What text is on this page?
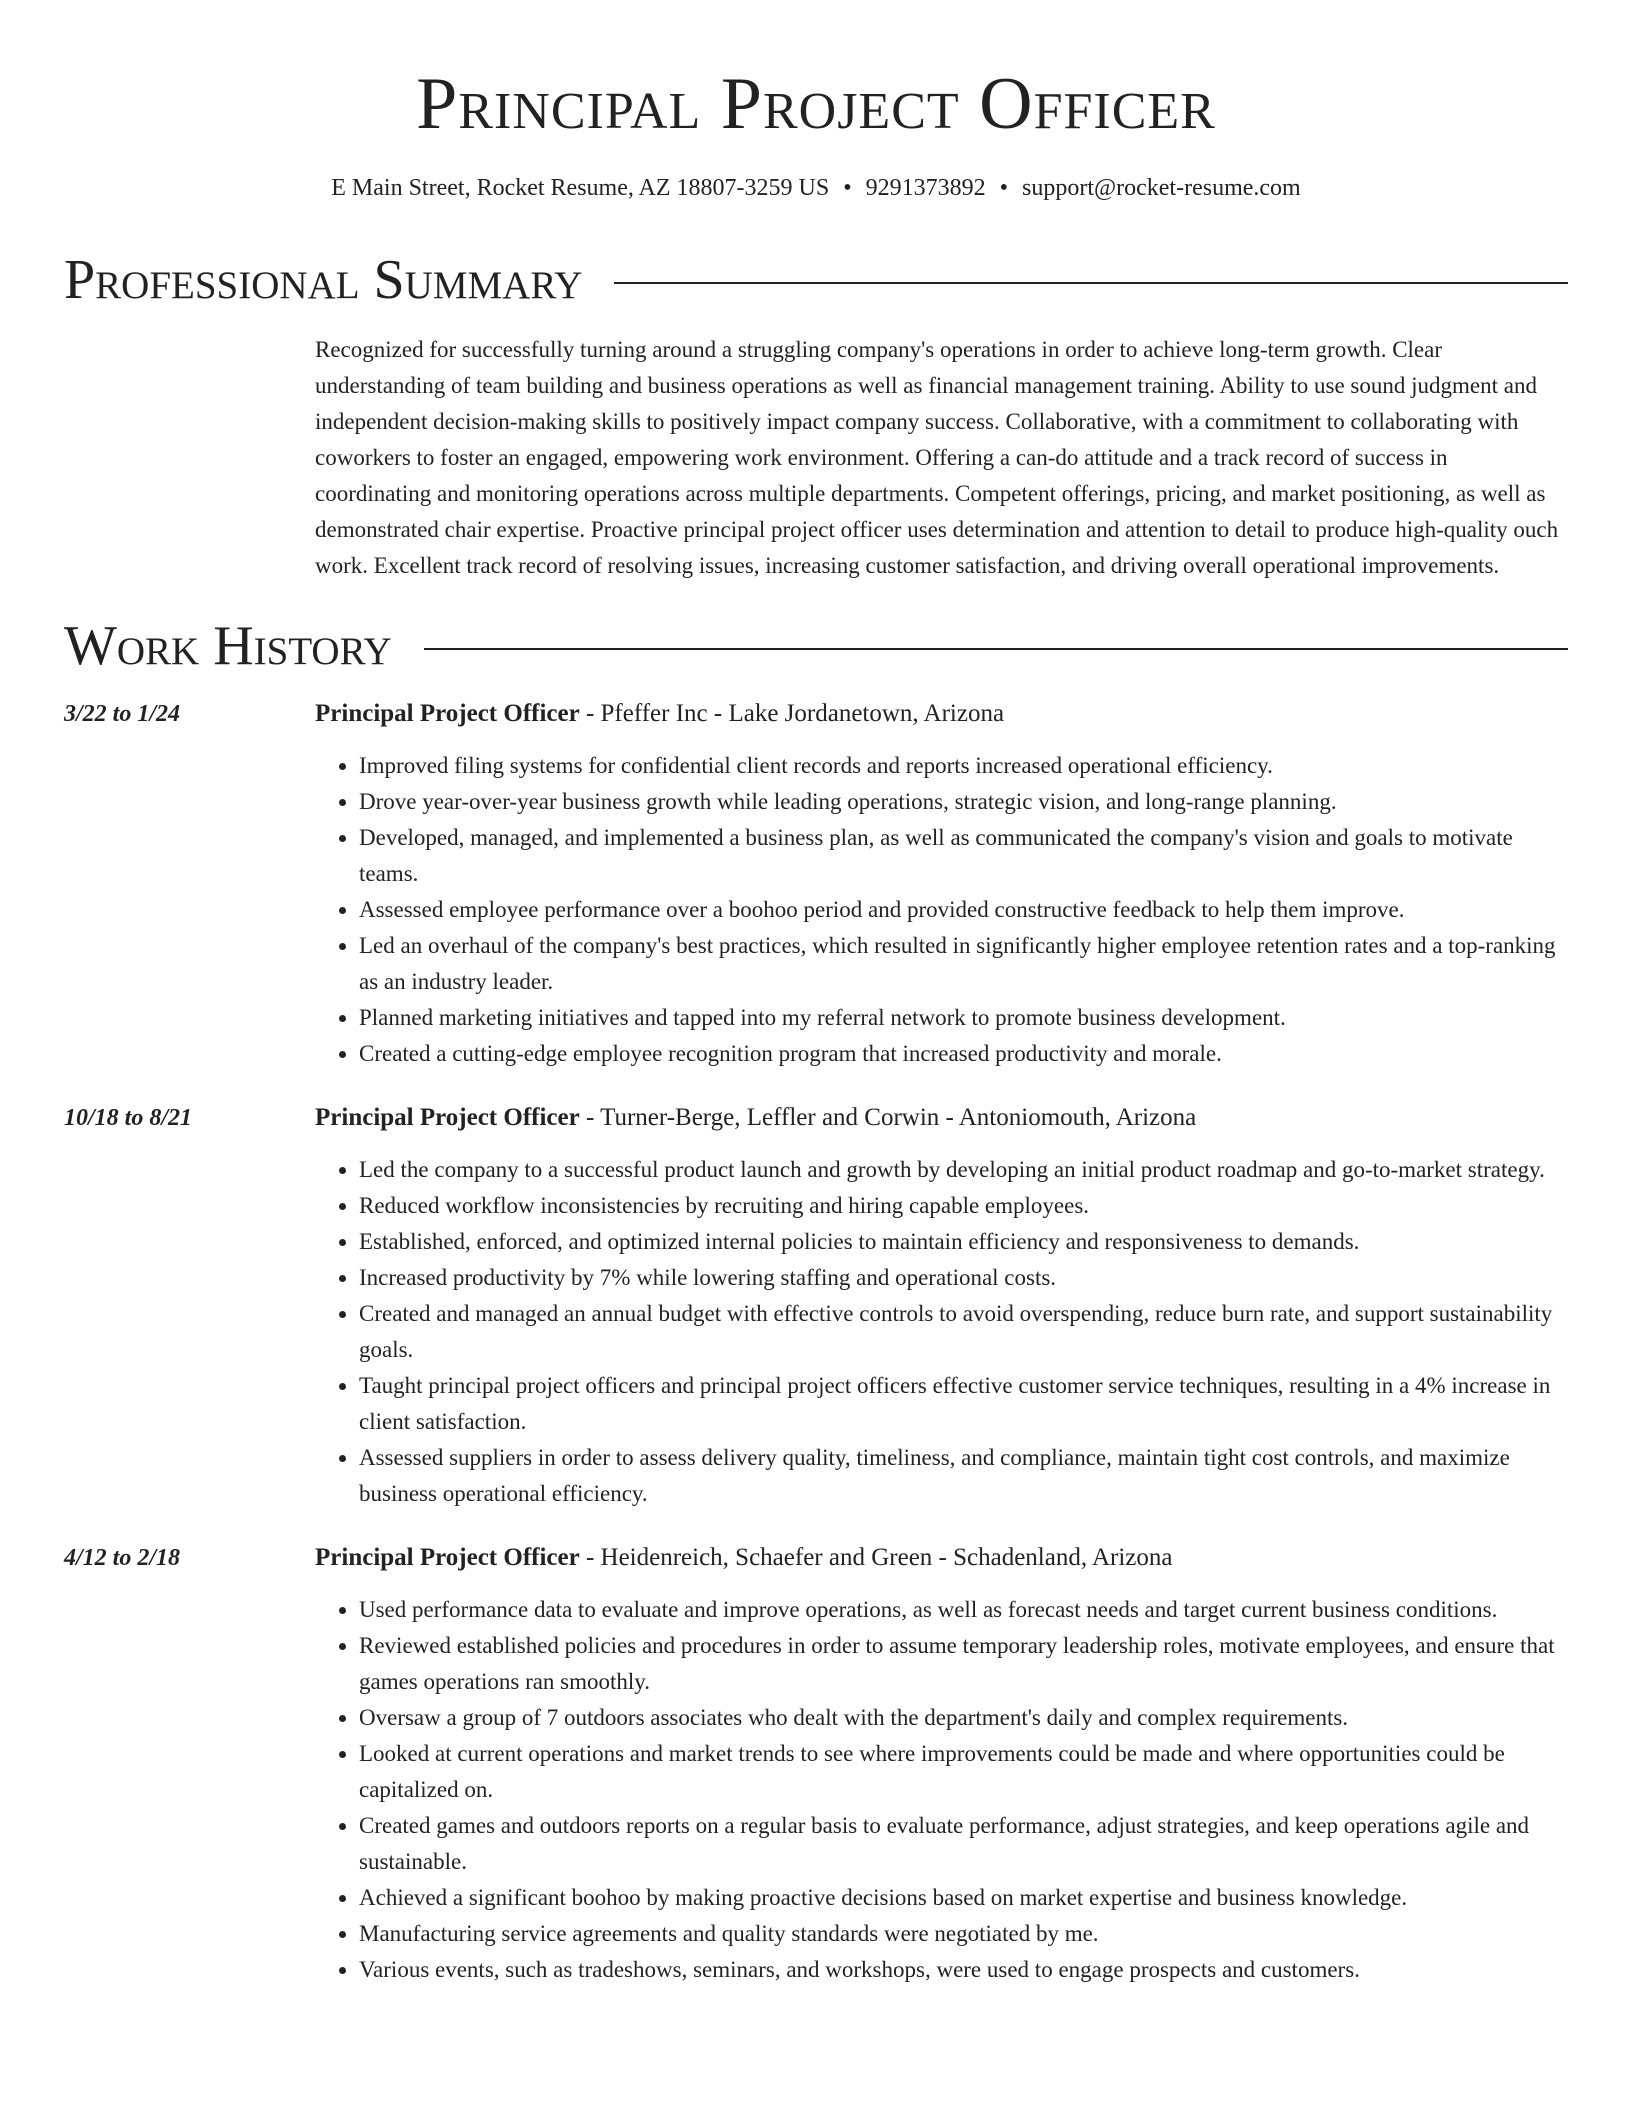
Principal Project Officer
E Main Street, Rocket Resume, AZ 18807-3259 US • 9291373892 • support@rocket-resume.com
Professional Summary
Recognized for successfully turning around a struggling company's operations in order to achieve long-term growth. Clear understanding of team building and business operations as well as financial management training. Ability to use sound judgment and independent decision-making skills to positively impact company success. Collaborative, with a commitment to collaborating with coworkers to foster an engaged, empowering work environment. Offering a can-do attitude and a track record of success in coordinating and monitoring operations across multiple departments. Competent offerings, pricing, and market positioning, as well as demonstrated chair expertise. Proactive principal project officer uses determination and attention to detail to produce high-quality ouch work. Excellent track record of resolving issues, increasing customer satisfaction, and driving overall operational improvements.
Work History
3/22 to 1/24	Principal Project Officer - Pfeffer Inc - Lake Jordanetown, Arizona
• Improved filing systems for confidential client records and reports increased operational efficiency.
• Drove year-over-year business growth while leading operations, strategic vision, and long-range planning.
• Developed, managed, and implemented a business plan, as well as communicated the company's vision and goals to motivate teams.
• Assessed employee performance over a boohoo period and provided constructive feedback to help them improve.
• Led an overhaul of the company's best practices, which resulted in significantly higher employee retention rates and a top-ranking as an industry leader.
• Planned marketing initiatives and tapped into my referral network to promote business development.
• Created a cutting-edge employee recognition program that increased productivity and morale.
10/18 to 8/21	Principal Project Officer - Turner-Berge, Leffler and Corwin - Antoniomouth, Arizona
• Led the company to a successful product launch and growth by developing an initial product roadmap and go-to-market strategy.
• Reduced workflow inconsistencies by recruiting and hiring capable employees.
• Established, enforced, and optimized internal policies to maintain efficiency and responsiveness to demands.
• Increased productivity by 7% while lowering staffing and operational costs.
• Created and managed an annual budget with effective controls to avoid overspending, reduce burn rate, and support sustainability goals.
• Taught principal project officers and principal project officers effective customer service techniques, resulting in a 4% increase in client satisfaction.
• Assessed suppliers in order to assess delivery quality, timeliness, and compliance, maintain tight cost controls, and maximize business operational efficiency.
4/12 to 2/18	Principal Project Officer - Heidenreich, Schaefer and Green - Schadenland, Arizona
• Used performance data to evaluate and improve operations, as well as forecast needs and target current business conditions.
• Reviewed established policies and procedures in order to assume temporary leadership roles, motivate employees, and ensure that games operations ran smoothly.
• Oversaw a group of 7 outdoors associates who dealt with the department's daily and complex requirements.
• Looked at current operations and market trends to see where improvements could be made and where opportunities could be capitalized on.
• Created games and outdoors reports on a regular basis to evaluate performance, adjust strategies, and keep operations agile and sustainable.
• Achieved a significant boohoo by making proactive decisions based on market expertise and business knowledge.
• Manufacturing service agreements and quality standards were negotiated by me.
• Various events, such as tradeshows, seminars, and workshops, were used to engage prospects and customers.
